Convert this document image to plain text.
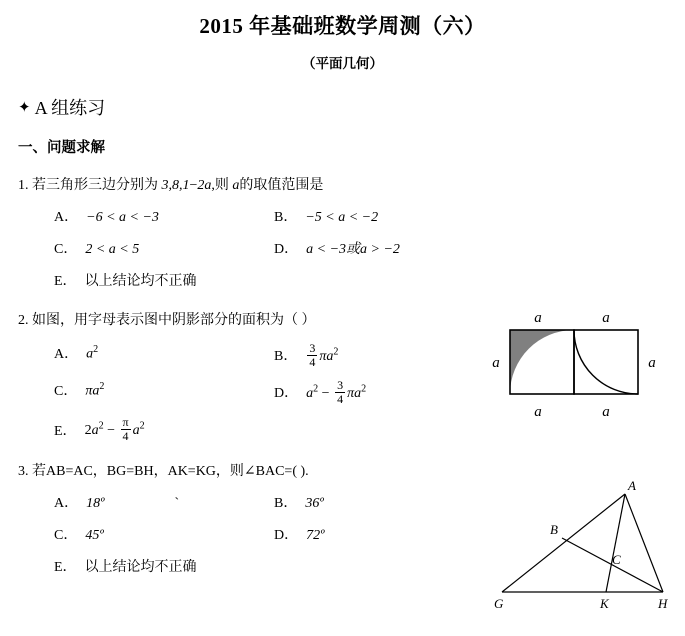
2015 年基础班数学周测（六）
（平面几何）
✦ A 组练习
一、问题求解
1. 若三角形三边分别为 3,8,1−2a,则 a的取值范围是
A． −6 < a < −3	B． −5 < a < −2
C． 2 < a < 5	D． a < −3或a > −2
E． 以上结论均不正确
2. 如图，用字母表示图中阴影部分的面积为（ ）
A． $a^2$	B． $\frac{3}{4} \pi a^2$
C． $\pi a^2$	D． $a^2 - \frac{3}{4} \pi a^2$
E． $2a^2 - \frac{\pi}{4} a^2$
3. 若AB=AC，BG=BH，AK=KG，则∠BAC=( ).
A． 18º	`	B． 36º
C． 45º	D． 72º
E． 以上结论均不正确
a	a
a	a
a	a
A
B
C
G	K	H
